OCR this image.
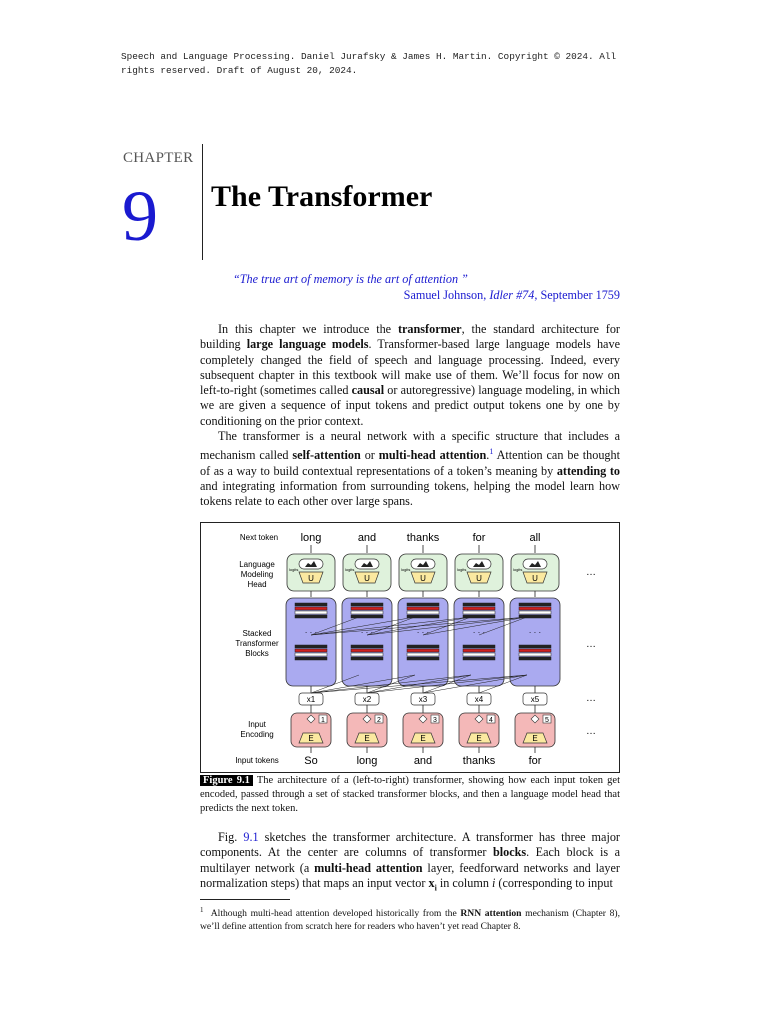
Speech and Language Processing. Daniel Jurafsky & James H. Martin. Copyright © 2024. All
rights reserved. Draft of August 20, 2024.
CHAPTER
9 The Transformer
“The true art of memory is the art of attention ”
Samuel Johnson, Idler #74, September 1759

In this chapter we introduce the transformer, the standard architecture for building large language models. Transformer-based large language models have completely changed the field of speech and language processing. Indeed, every subsequent chapter in this textbook will make use of them. We’ll focus for now on left-to-right (sometimes called causal or autoregressive) language modeling, in which we are given a sequence of input tokens and predict output tokens one by one by conditioning on the prior context.

The transformer is a neural network with a specific structure that includes a mechanism called self-attention or multi-head attention.$^1$ Attention can be thought of as a way to build contextual representations of a token’s meaning by attending to and integrating information from surrounding tokens, helping the model learn how tokens relate to each other over large spans.

Next token
Language
Modeling
Head
Stacked
Transformer
Blocks
Input
Encoding
Input tokens
long
logits
U
· · ·
x1
1
E
So
and
logits
U
· · ·
x2
2
E
long
thanks
logits
U
· · ·
x3
3
E
and
for
logits
U
· · ·
x4
4
E
thanks
all
logits
U
· · ·
x5
5
E
for
…
…
…
…
Figure 9.1 The architecture of a (left-to-right) transformer, showing how each input token get encoded, passed through a set of stacked transformer blocks, and then a language model head that predicts the next token.

Fig. 9.1 sketches the transformer architecture. A transformer has three major components. At the center are columns of transformer blocks. Each block is a multilayer network (a multi-head attention layer, feedforward networks and layer normalization steps) that maps an input vector $x_i$ in column i (corresponding to input

$^1$ Although multi-head attention developed historically from the RNN attention mechanism (Chapter 8), we’ll define attention from scratch here for readers who haven’t yet read Chapter 8.
